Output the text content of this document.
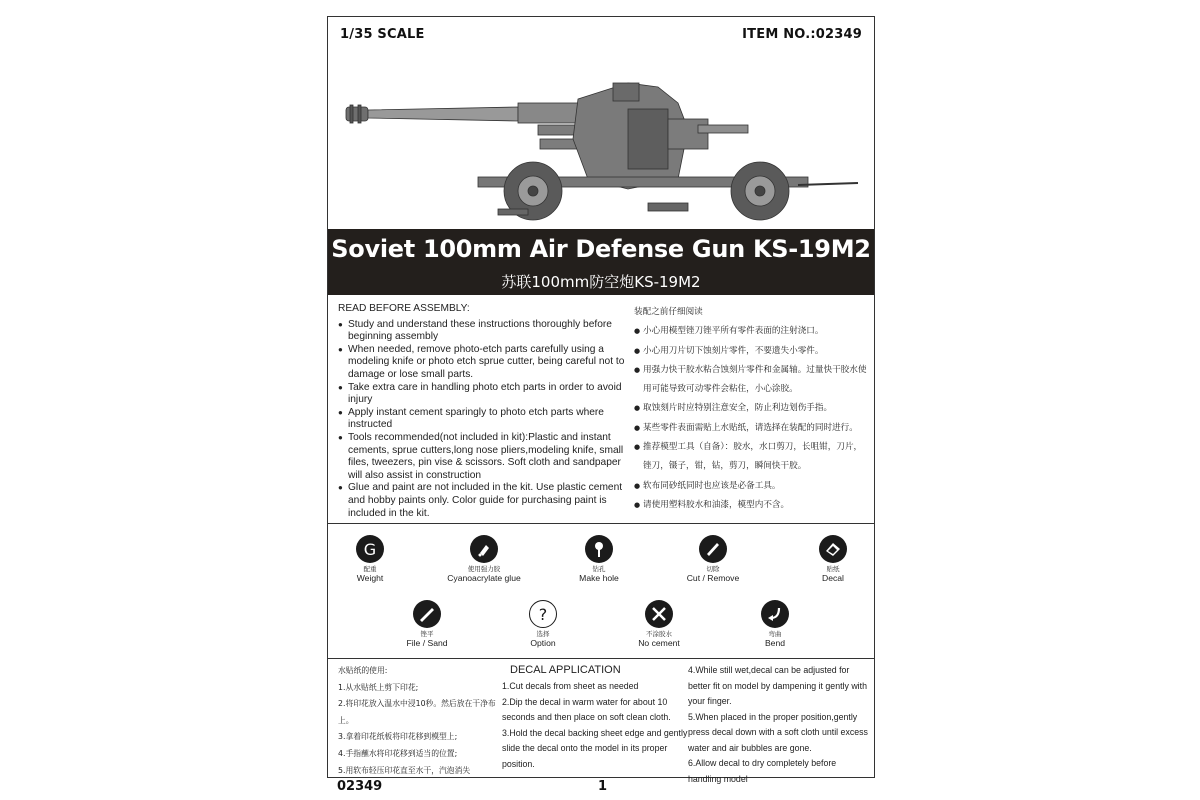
1/35 SCALE	ITEM NO.:02349
Soviet 100mm Air Defense Gun KS-19M2
苏联100mm防空炮KS-19M2
READ BEFORE ASSEMBLY:
● Study and understand these instructions thoroughly before beginning assembly
● When needed, remove photo-etch parts carefully using a modeling knife or photo etch sprue cutter, being careful not to damage or lose small parts.
● Take extra care in handling photo etch parts in order to avoid injury
● Apply instant cement sparingly to photo etch parts where instructed
● Tools recommended(not included in kit):Plastic and instant cements, sprue cutters,long nose pliers,modeling knife, small files, tweezers, pin vise & scissors. Soft cloth and sandpaper will also assist in construction
● Glue and paint are not included in the kit. Use plastic cement and hobby paints only. Color guide for purchasing paint is included in the kit.
装配之前仔细阅读
● 小心用模型锉刀锉平所有零件表面的注射浇口。
● 小心用刀片切下蚀刻片零件，不要遗失小零件。
● 用强力快干胶水粘合蚀刻片零件和金属轴。过量快干胶水使用可能导致可动零件会粘住，小心涂胶。
● 取蚀刻片时应特别注意安全，防止利边划伤手指。
● 某些零件表面需贴上水贴纸，请选择在装配的同时进行。
● 推荐模型工具（自备）：胶水，水口剪刀，长咀钳，刀片，锉刀，镊子，钳，钻，剪刀，瞬间快干胶。
● 软布同砂纸同时也应该是必备工具。
● 请使用塑料胶水和油漆，模型内不含。
G
配重
Weight
使用强力胶
Cyanoacrylate glue
钻孔
Make hole
切除
Cut / Remove
贴纸
Decal
锉平
File / Sand
?
选择
Option
不涂胶水
No cement
弯曲
Bend
水贴纸的使用:
1.从水贴纸上剪下印花;
2.将印花放入温水中浸10秒。然后放在干净布上。
3.拿着印花纸板将印花移到模型上;
4.手指蘸水将印花移到适当的位置;
5.用软布轻压印花直至水干，汽泡消失
DECAL APPLICATION
1.Cut decals from sheet as needed
2.Dip the decal in warm water for about 10 seconds and then place on soft clean cloth.
3.Hold the decal backing sheet edge and gently slide the decal onto the model in its proper position.
4.While still wet,decal can be adjusted for better fit on model by dampening it gently with your finger.
5.When placed in the proper position,gently press decal down with a soft cloth until excess water and air bubbles are gone.
6.Allow decal to dry completely before handling model
02349	1
